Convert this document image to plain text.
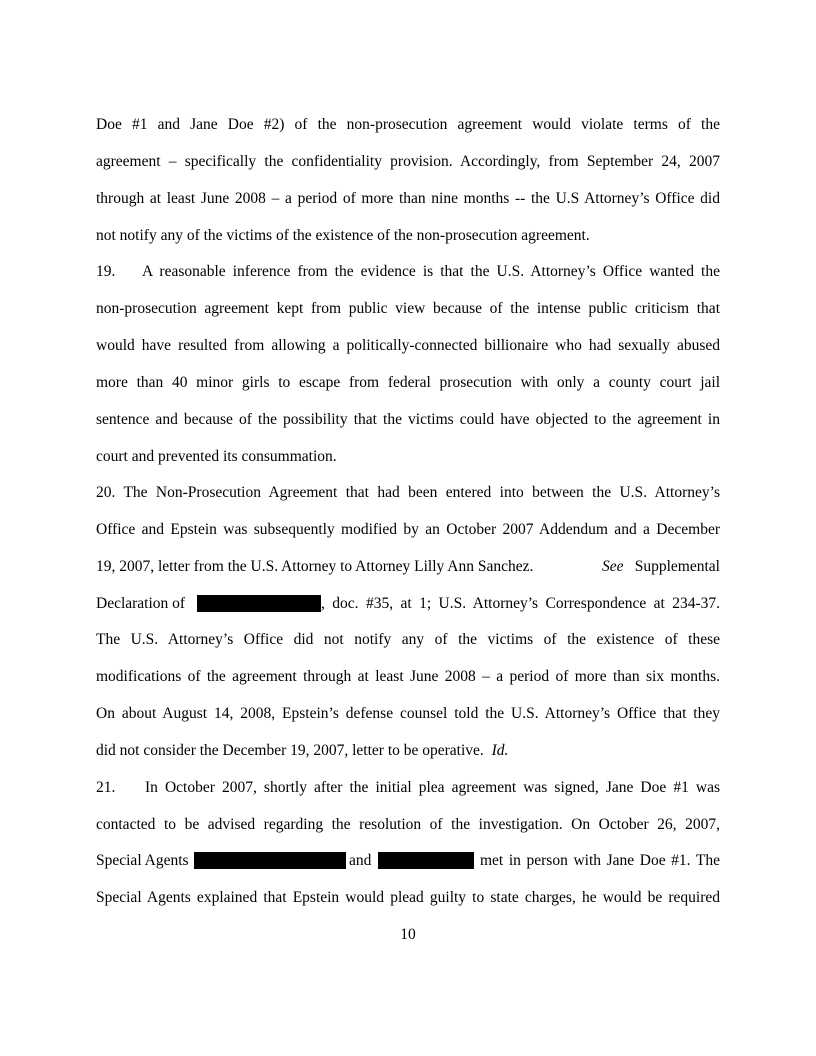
Doe #1 and Jane Doe #2) of the non-prosecution agreement would violate terms of the
agreement – specifically the confidentiality provision. Accordingly, from September 24, 2007
through at least June 2008 – a period of more than nine months -- the U.S Attorney’s Office did
not notify any of the victims of the existence of the non-prosecution agreement.
19.	A reasonable inference from the evidence is that the U.S. Attorney’s Office wanted the
non-prosecution agreement kept from public view because of the intense public criticism that
would have resulted from allowing a politically-connected billionaire who had sexually abused
more than 40 minor girls to escape from federal prosecution with only a county court jail
sentence and because of the possibility that the victims could have objected to the agreement in
court and prevented its consummation.
20. The Non-Prosecution Agreement that had been entered into between the U.S. Attorney’s
Office and Epstein was subsequently modified by an October 2007 Addendum and a December
19, 2007, letter from the U.S. Attorney to Attorney Lilly Ann Sanchez.	See Supplemental
Declaration of	, doc. #35, at 1; U.S. Attorney’s Correspondence at 234-37.
The U.S. Attorney’s Office did not notify any of the victims of the existence of these
modifications of the agreement through at least June 2008 – a period of more than six months.
On about August 14, 2008, Epstein’s defense counsel told the U.S. Attorney’s Office that they
did not consider the December 19, 2007, letter to be operative. Id.
21.	In October 2007, shortly after the initial plea agreement was signed, Jane Doe #1 was
contacted to be advised regarding the resolution of the investigation. On October 26, 2007,
Special Agents	and	met in person with Jane Doe #1. The
Special Agents explained that Epstein would plead guilty to state charges, he would be required
10
